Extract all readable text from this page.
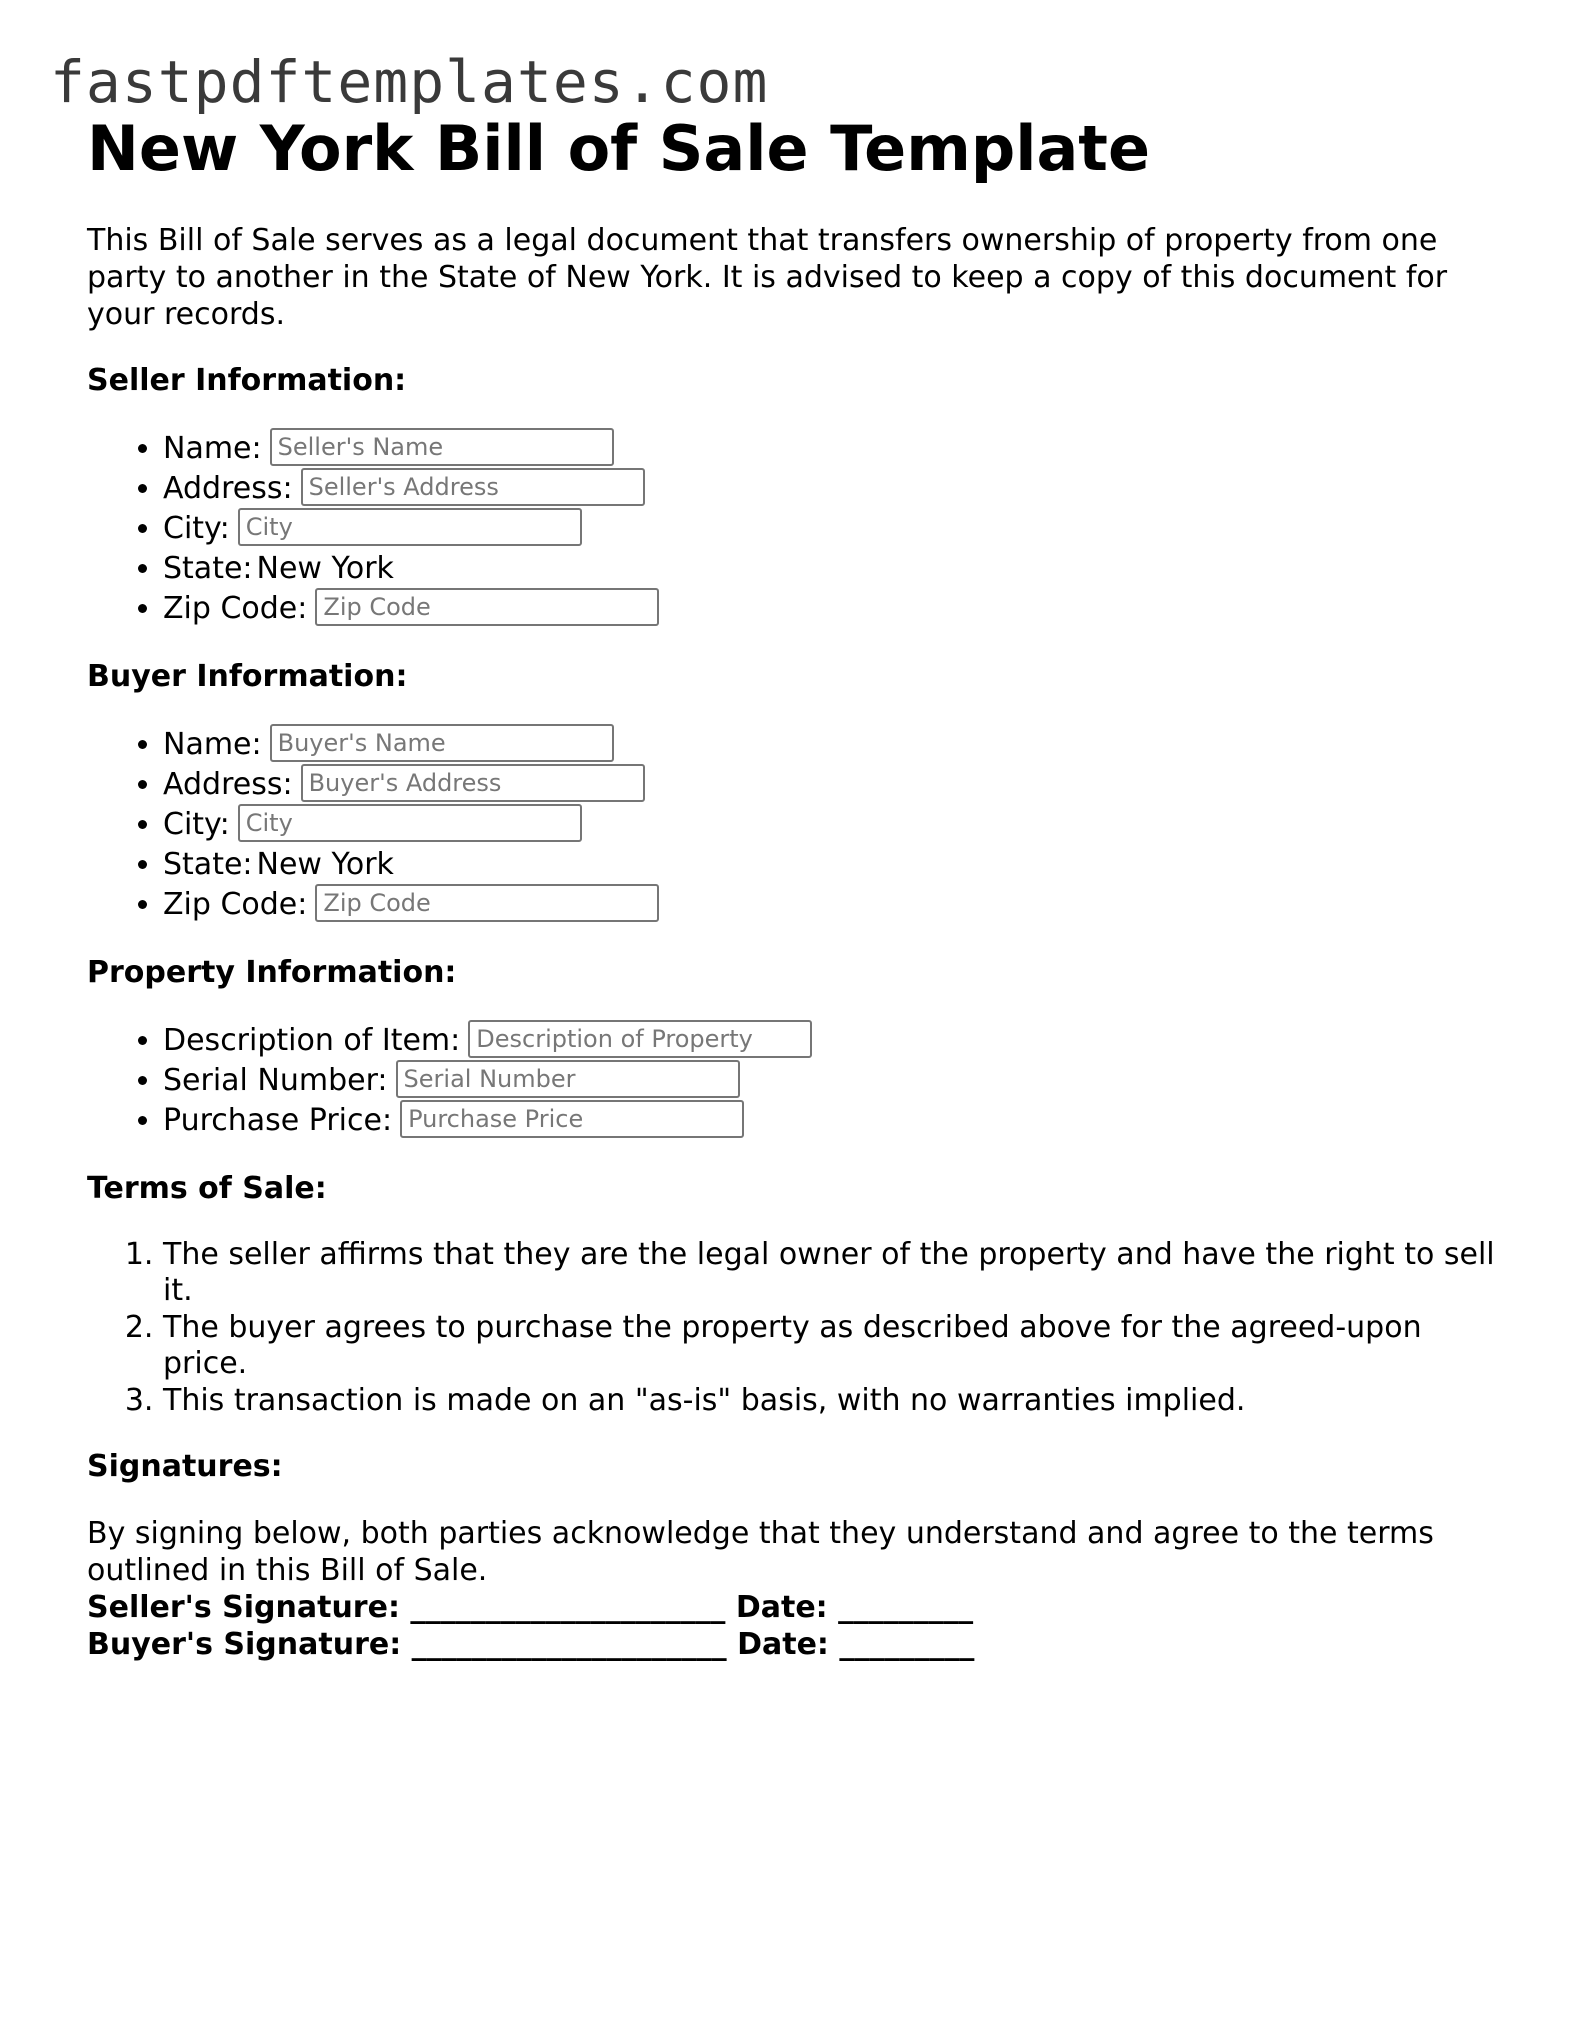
fastpdftemplates.com
New York Bill of Sale Template

This Bill of Sale serves as a legal document that transfers ownership of property from one party to another in the State of New York. It is advised to keep a copy of this document for your records.

Seller Information:
• Name:Seller's Name
• Address:Seller's Address
• City:City
• State: New York
• Zip Code:Zip Code
Buyer Information:
• Name:Buyer's Name
• Address:Buyer's Address
• City:City
• State: New York
• Zip Code:Zip Code
Property Information:
• Description of Item:Description of Property
• Serial Number:Serial Number
• Purchase Price:Purchase Price
Terms of Sale:
1. The seller affirms that they are the legal owner of the property and have the right to sell it.
2. The buyer agrees to purchase the property as described above for the agreed-upon price.
3. This transaction is made on an "as-is" basis, with no warranties implied.
Signatures:

By signing below, both parties acknowledge that they understand and agree to the terms outlined in this Bill of Sale.

Seller's Signature: _____________________ Date: _________

Buyer's Signature: _____________________ Date: _________
